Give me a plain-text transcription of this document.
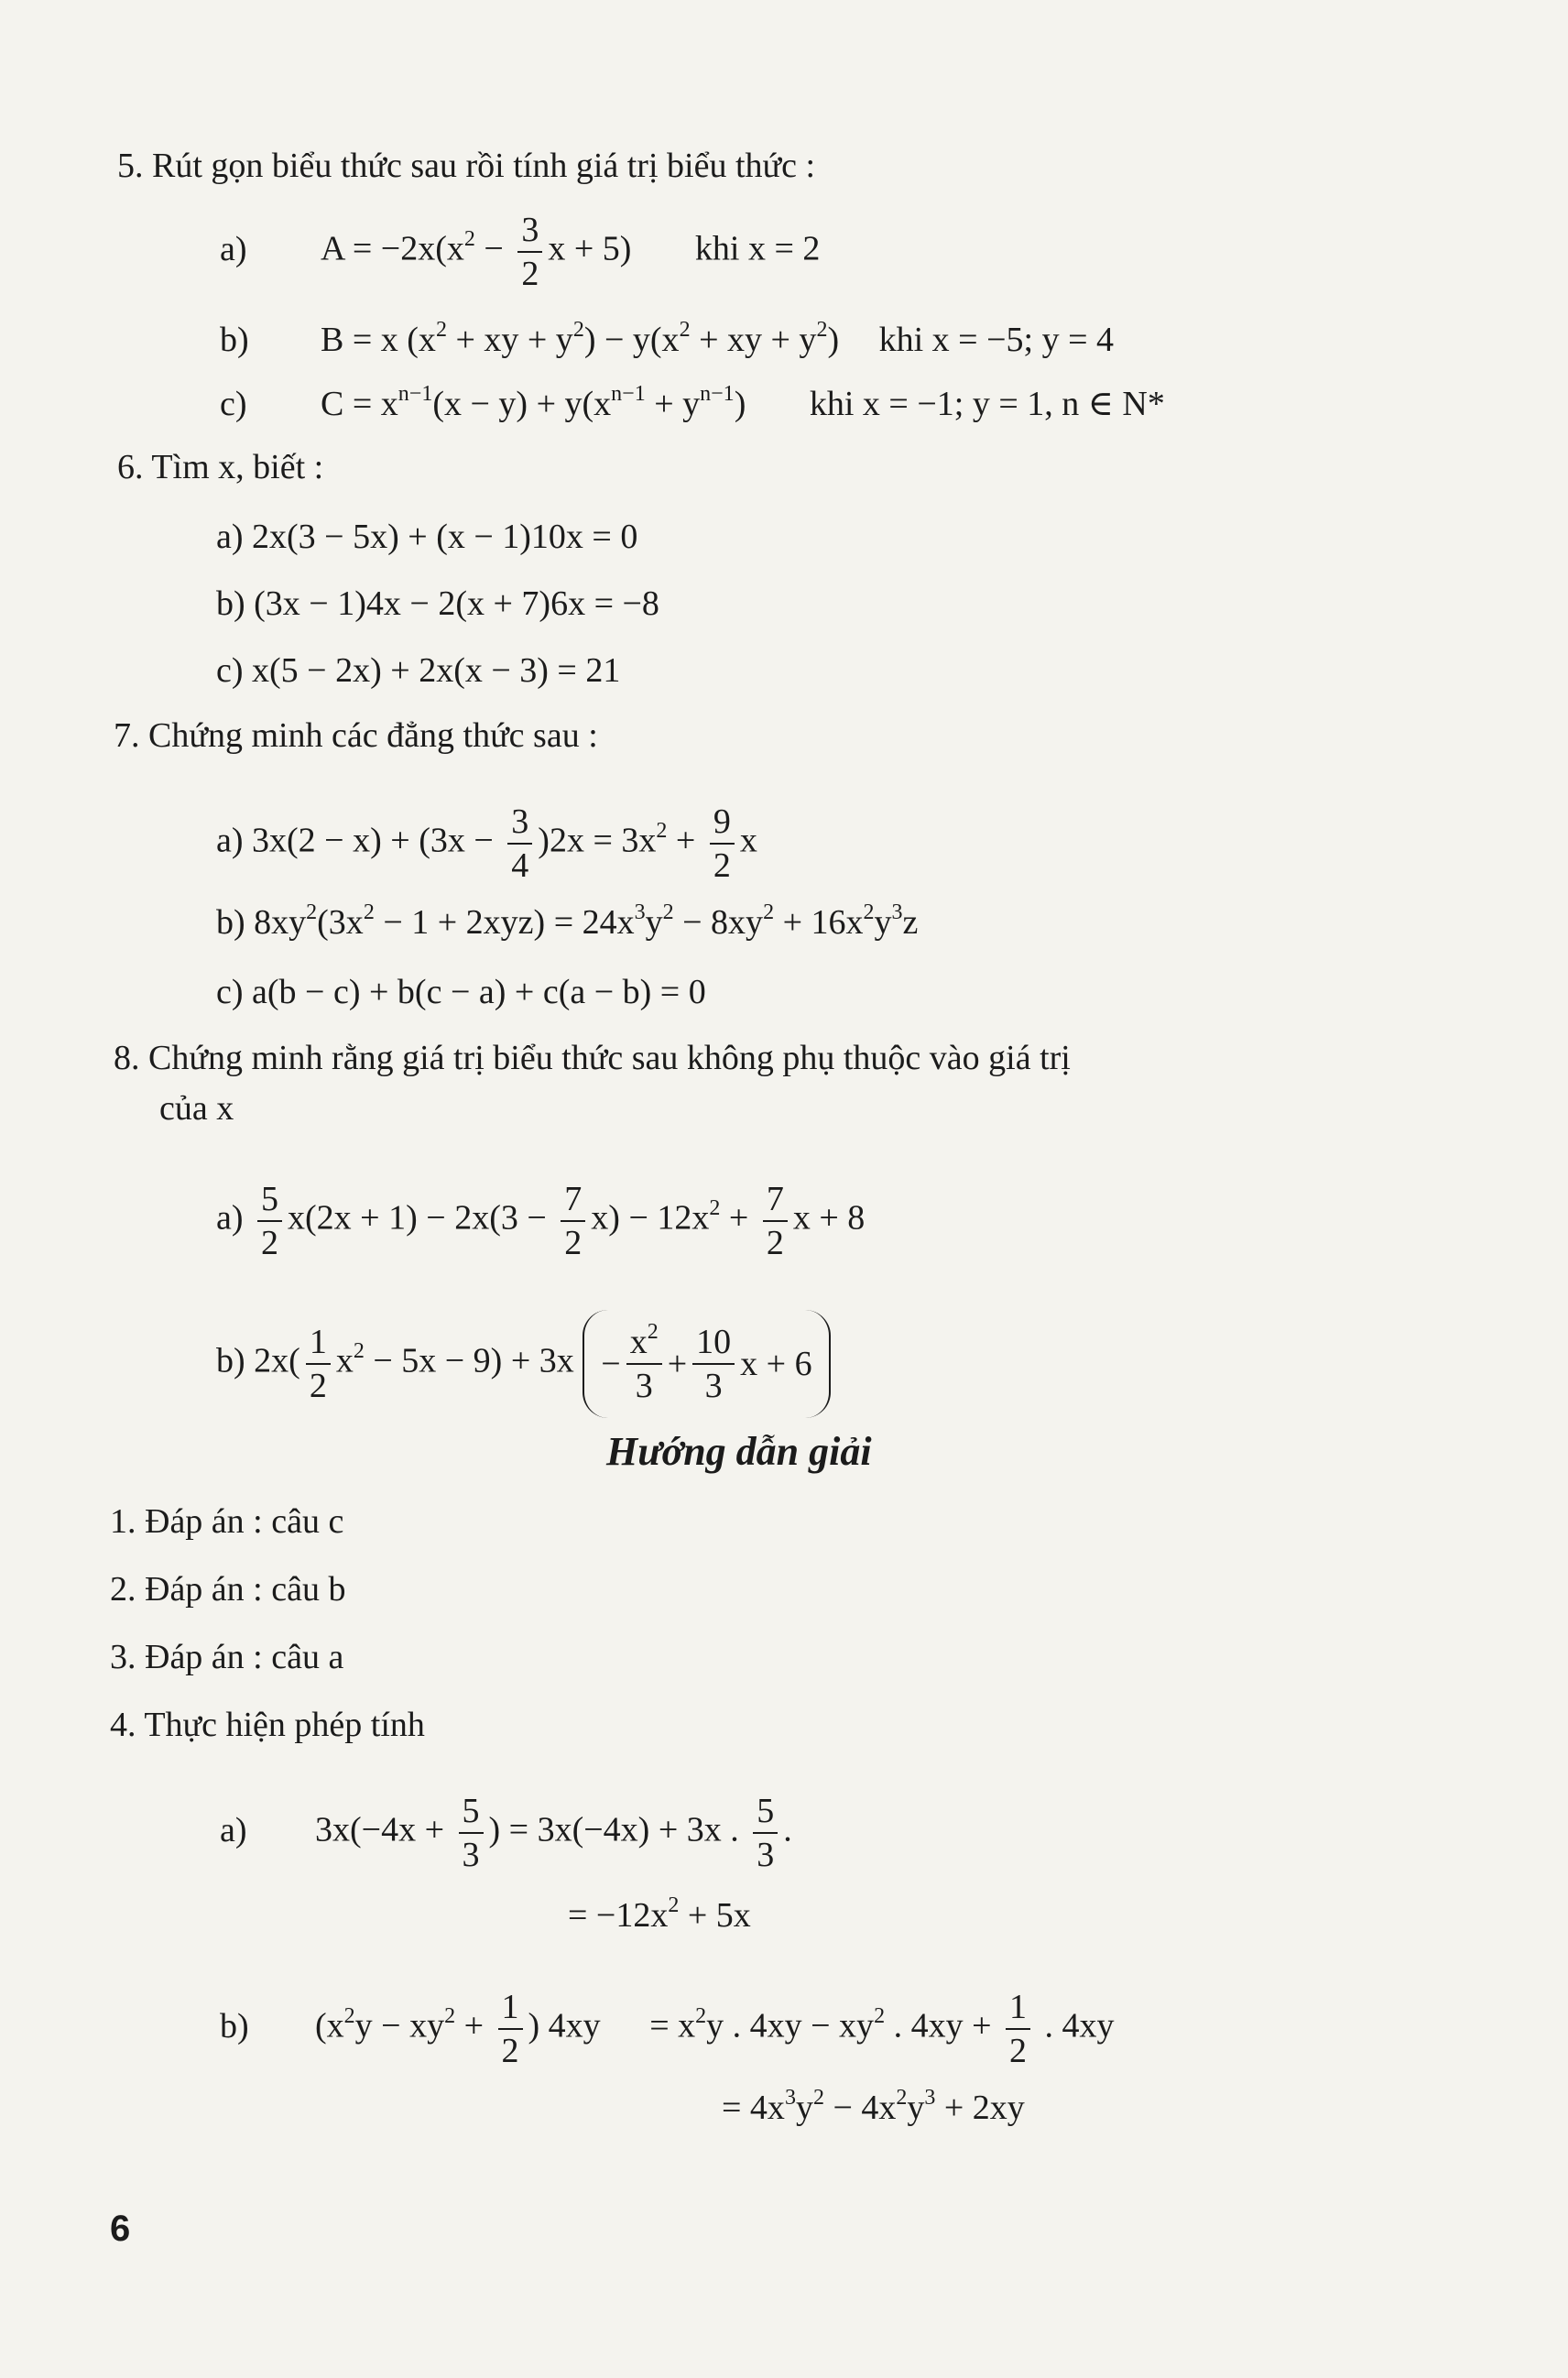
5. Rút gọn biểu thức sau rồi tính giá trị biểu thức :
a) $A = -2x(x^2 - \frac{3}{2}$ x + 5) khi x = 2
b) B = x ($x^2$ + xy + $y^2) - y(x^2$ + xy + $y^2$) khi x = −5; y = 4
c) $C = x^{n-1}(x - y) + y(x^{n-1} + y^{n-1})$ khi x = −1; y = 1, n ∈ N*
6. Tìm x, biết :
a) 2x(3 − 5x) + (x − 1)10x = 0
b) (3x − 1)4x − 2(x + 7)6x = −8
c) x(5 − 2x) + 2x(x − 3) = 21
7. Chứng minh các đẳng thức sau :
a) $3x(2 - x) + (3x - \frac{3}{4} )2x = 3x^2 + \frac{9}{2}$ x
b) $8xy^2(3x^2 - 1 + 2xyz) = 24x^3y^2 - 8xy^2 + 16x^2y^3z$
c) a(b − c) + b(c − a) + c(a − b) = 0
8. Chứng minh rằng giá trị biểu thức sau không phụ thuộc vào giá trị
của x
$a) \frac{5}{2} x(2x + 1) - 2x(3 - \frac{7}{2} x) - 12x^2 + \frac{7}{2}$ x + 8
b) $2x( \frac{1}{2} x^2 - 5x - 9) + 3x - \frac{x^2}{3} + \frac{10}{3}$ x + 6
Hướng dẫn giải
1. Đáp án : câu c
2. Đáp án : câu b
3. Đáp án : câu a
4. Thực hiện phép tính
a) $3x(-4x + \frac{5}{3}$ ) = 3x(−4x) + 3x . $\frac{5}{3}$ .
= $-12x^2 + 5x$
b) ($x^2y - xy^2 + \frac{1}{2}$ ) $4xy = x^2y$ . $4xy - xy^2$ . $4xy + \frac{1}{2}$ . 4xy
= $4x^3y^2 - 4x^2y^3 + 2xy$
6
